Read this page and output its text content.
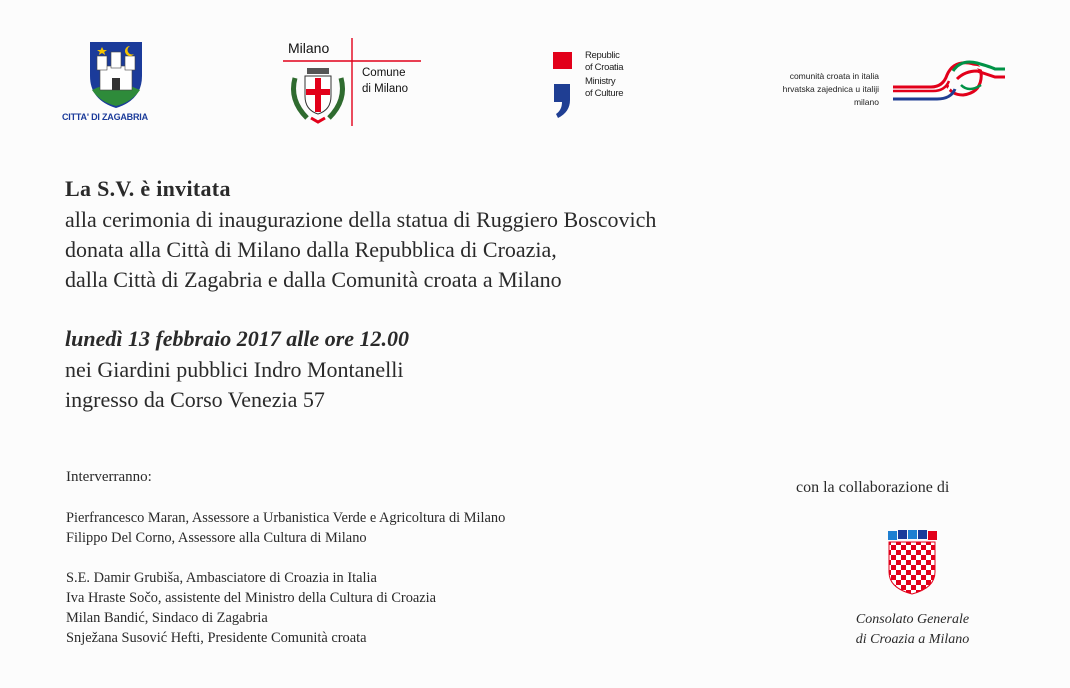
CITTA' DI ZAGABRIA
Milano
Comune
di Milano
Republic
of Croatia
Ministry
of Culture
comunità croata in italia
hrvatska zajednica u italiji
milano
La S.V. è invitata
alla cerimonia di inaugurazione della statua di Ruggiero Boscovich
donata alla Città di Milano dalla Repubblica di Croazia,
dalla Città di Zagabria e dalla Comunità croata a Milano
lunedì 13 febbraio 2017 alle ore 12.00
nei Giardini pubblici Indro Montanelli
ingresso da Corso Venezia 57
Interverranno:
Pierfrancesco Maran, Assessore a Urbanistica Verde e Agricoltura di Milano
Filippo Del Corno, Assessore alla Cultura di Milano
S.E. Damir Grubiša, Ambasciatore di Croazia in Italia
Iva Hraste Sočo, assistente del Ministro della Cultura di Croazia
Milan Bandić, Sindaco di Zagabria
Snježana Susović Hefti, Presidente Comunità croata
con la collaborazione di
Consolato Generale
di Croazia a Milano
